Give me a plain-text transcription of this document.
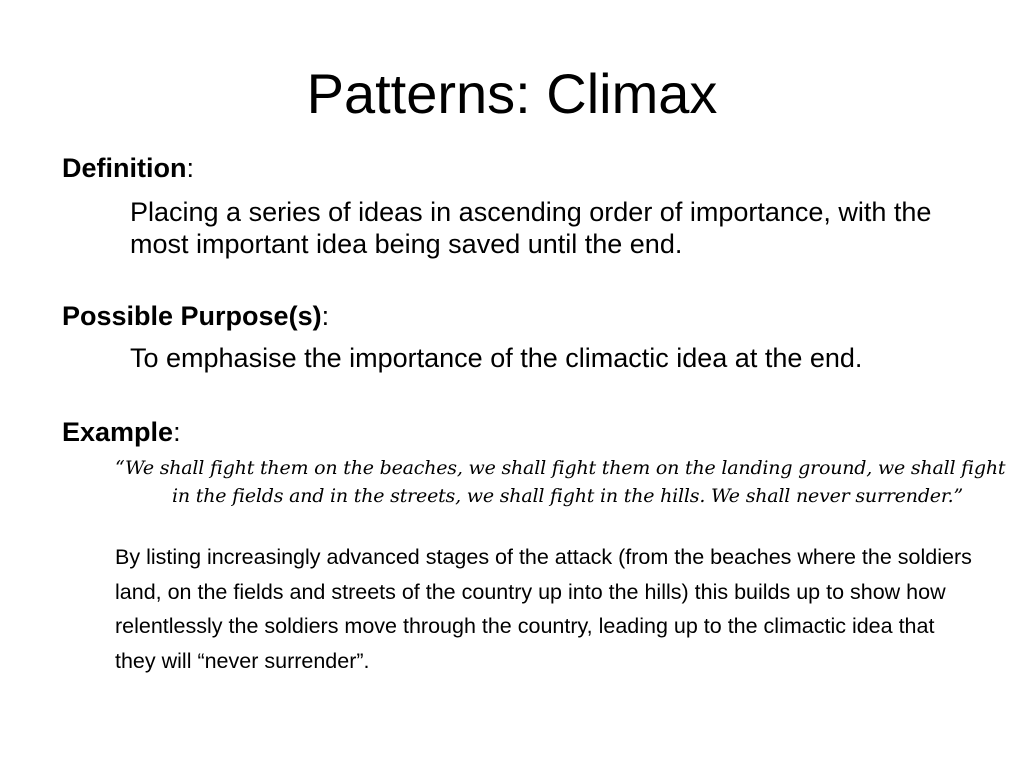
Patterns: Climax

Definition:

Placing a series of ideas in ascending order of importance, with the most important idea being saved until the end.

Possible Purpose(s):

To emphasise the importance of the climactic idea at the end.

Example:

“We shall fight them on the beaches, we shall fight them on the landing ground, we shall fight in the fields and in the streets, we shall fight in the hills. We shall never surrender.”

By listing increasingly advanced stages of the attack (from the beaches where the soldiers land, on the fields and streets of the country up into the hills) this builds up to show how relentlessly the soldiers move through the country, leading up to the climactic idea that they will “never surrender”.
